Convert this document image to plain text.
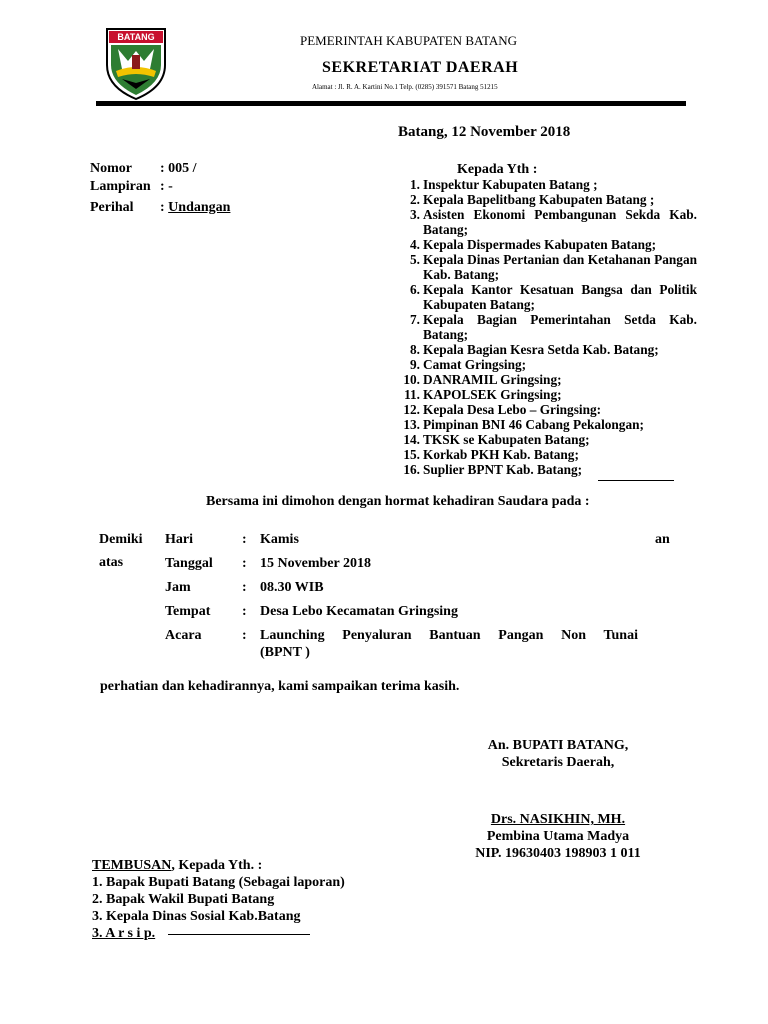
BATANG	PEMERINTAH KABUPATEN BATANG
SEKRETARIAT DAERAH
Alamat : Jl. R. A. Kartini No.1 Telp. (0285) 391571 Batang 51215
Batang, 12 November 2018
Nomor : 005 /
Lampiran : -
Perihal : Undangan
Kepada Yth :
1. Inspektur Kabupaten Batang ;
2. Kepala Bapelitbang Kabupaten Batang ;
3. Asisten Ekonomi Pembangunan Sekda Kab. Batang;
4. Kepala Dispermades Kabupaten Batang;
5. Kepala Dinas Pertanian dan Ketahanan Pangan Kab. Batang;
6. Kepala Kantor Kesatuan Bangsa dan Politik Kabupaten Batang;
7. Kepala Bagian Pemerintahan Setda Kab. Batang;
8. Kepala Bagian Kesra Setda Kab. Batang;
9. Camat Gringsing;
10. DANRAMIL Gringsing;
11. KAPOLSEK Gringsing;
12. Kepala Desa Lebo – Gringsing:
13. Pimpinan BNI 46 Cabang Pekalongan;
14. TKSK se Kabupaten Batang;
15. Korkab PKH Kab. Batang;
16. Suplier BPNT Kab. Batang;
Bersama ini dimohon dengan hormat kehadiran Saudara pada :
Demiki
atas
an
Hari	: Kamis
Tanggal : 15 November 2018
Jam	: 08.30 WIB
Tempat : Desa Lebo Kecamatan Gringsing
Acara	: Launching Penyaluran Bantuan Pangan Non Tunai
(BPNT )
perhatian dan kehadirannya, kami sampaikan terima kasih.
An. BUPATI BATANG,
Sekretaris Daerah,
Drs. NASIKHIN, MH.
Pembina Utama Madya
NIP. 19630403 198903 1 011
TEMBUSAN, Kepada Yth. :
1. Bapak Bupati Batang (Sebagai laporan)
2. Bapak Wakil Bupati Batang
3. Kepala Dinas Sosial Kab.Batang
3. A r s i p.
